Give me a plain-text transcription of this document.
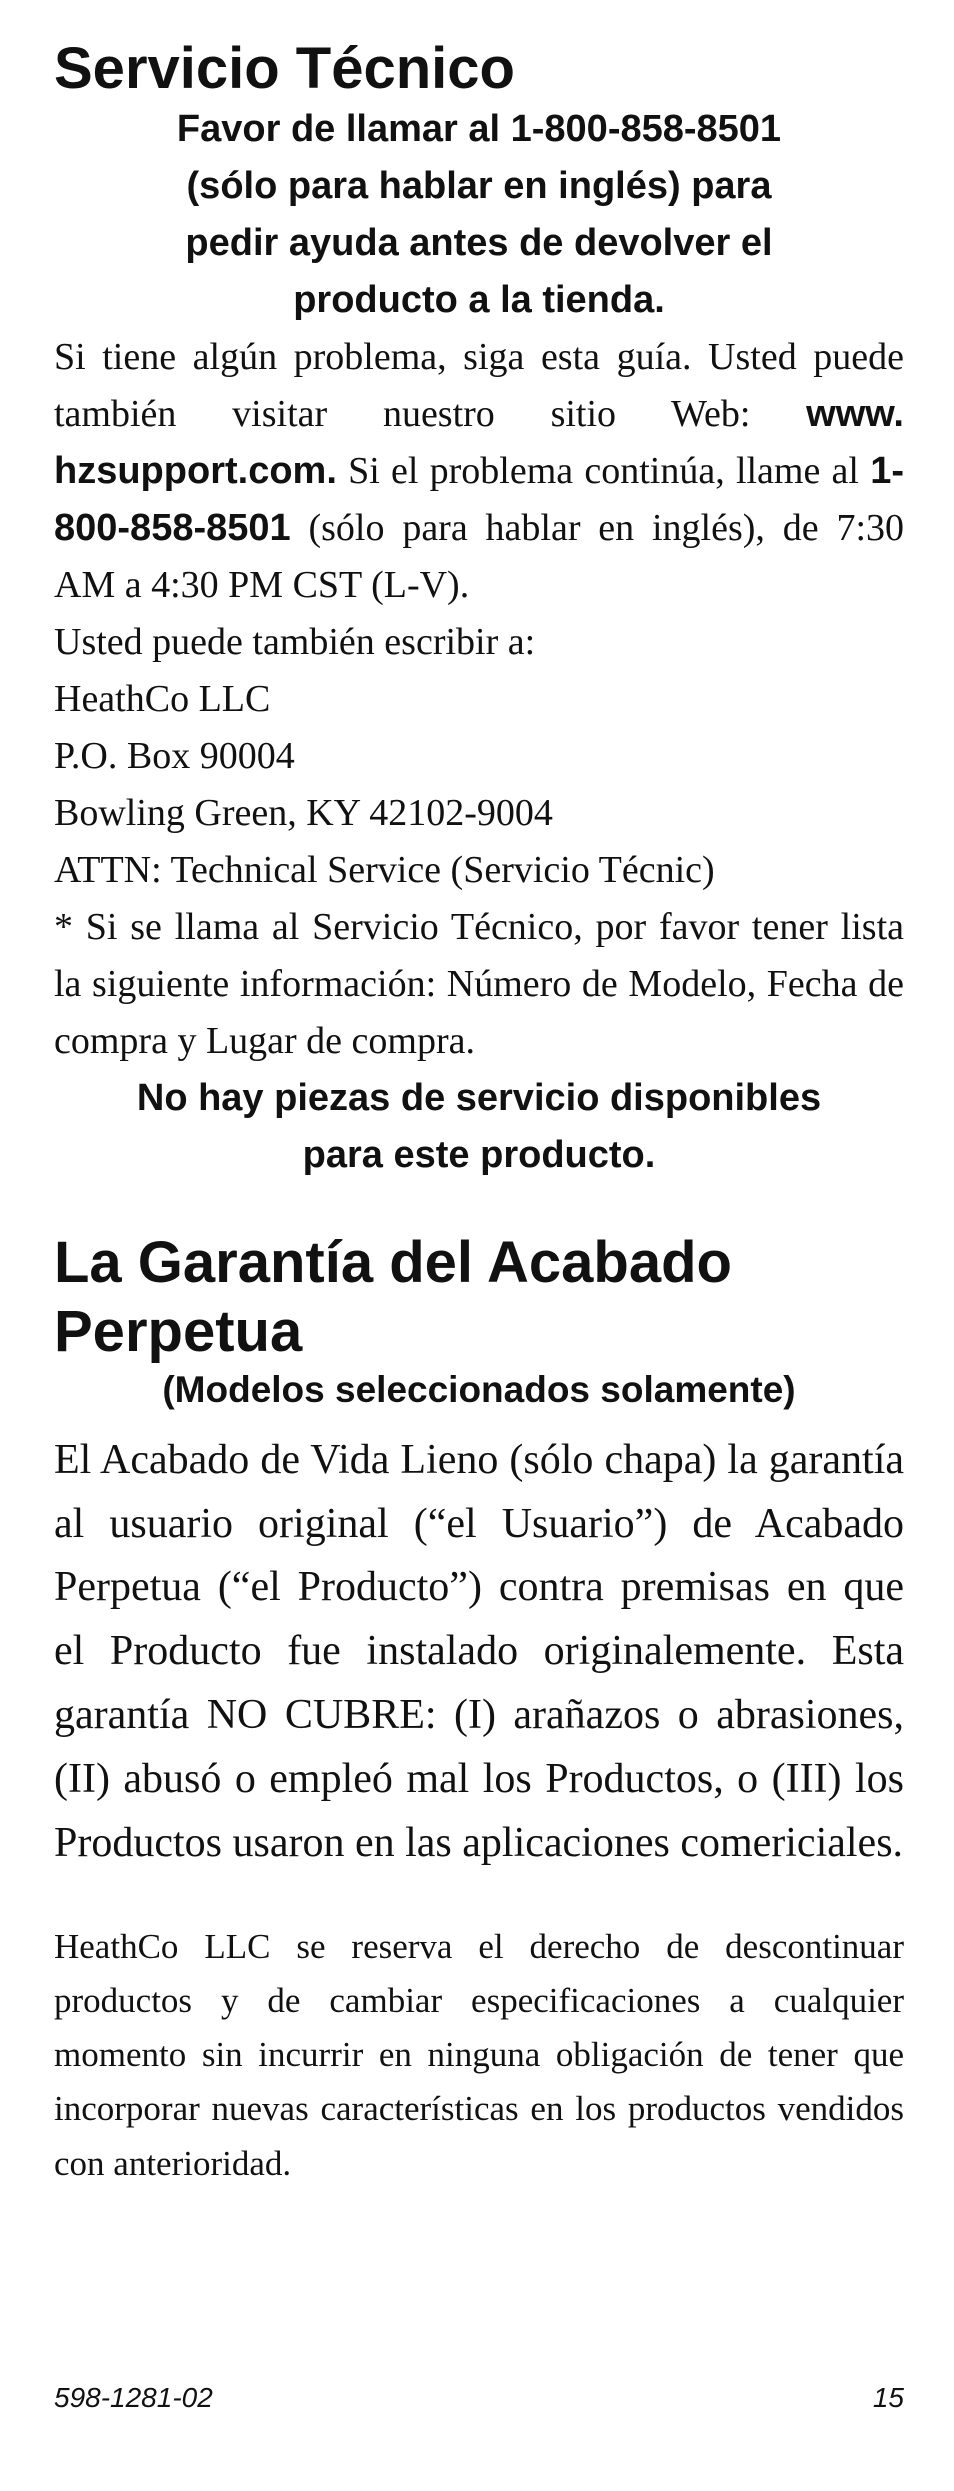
Servicio Técnico

Favor de llamar al 1-800-858-8501

(sólo para hablar en inglés) para

pedir ayuda antes de devolver el

producto a la tienda.

Si tiene algún problema, siga esta guía. Usted puede también visitar nuestro sitio Web: www. hzsupport.com. Si el problema continúa, llame al 1-800-858-8501 (sólo para hablar en inglés), de 7:30 AM a 4:30 PM CST (L-V).

Usted puede también escribir a:

HeathCo LLC

P.O. Box 90004

Bowling Green, KY 42102-9004

ATTN: Technical Service (Servicio Técnic)

* Si se llama al Servicio Técnico, por favor tener lista la siguiente información: Número de Modelo, Fecha de compra y Lugar de compra.

No hay piezas de servicio disponibles

para este producto.

La Garantía del Acabado
Perpetua

(Modelos seleccionados solamente)

El Acabado de Vida Lieno (sólo chapa) la garantía al usuario original (“el Usuario”) de Acabado Perpetua (“el Producto”) contra premisas en que el Producto fue instalado originalemente. Esta garantía NO CUBRE: (I) arañazos o abrasiones, (II) abusó o empleó mal los Productos, o (III) los Productos usaron en las aplicaciones comericiales.

HeathCo LLC se reserva el derecho de descontinuar productos y de cambiar especificaciones a cualquier momento sin incurrir en ninguna obligación de tener que incorporar nuevas características en los productos vendidos con anterioridad.

598-1281-02	15
